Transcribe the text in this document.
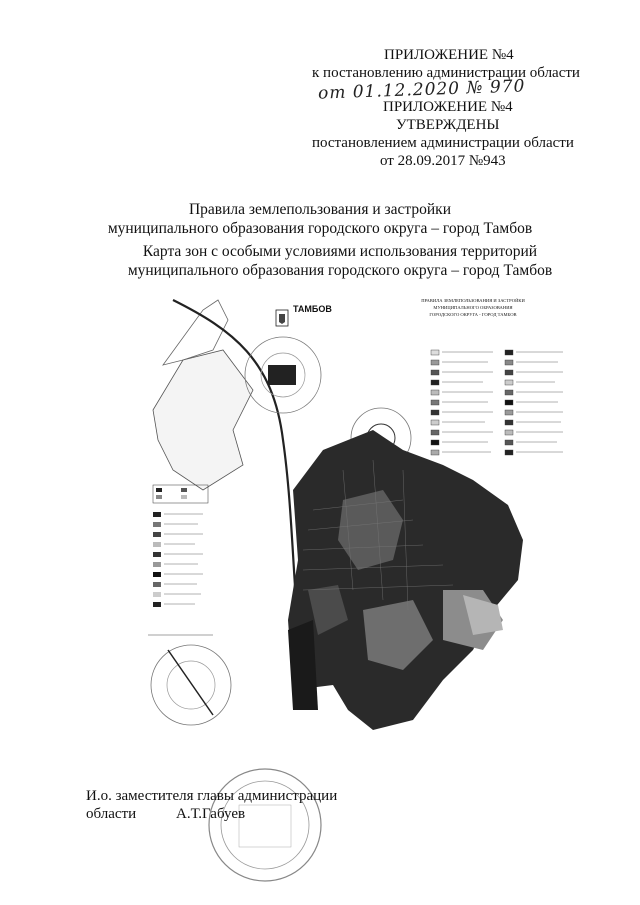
ПРИЛОЖЕНИЕ №4
к постановлению администрации области
от 01.12.2020 № 970
ПРИЛОЖЕНИЕ №4
УТВЕРЖДЕНЫ
постановлением администрации области
от 28.09.2017 №943
Правила землепользования и застройки
муниципального образования городского округа – город Тамбов
Карта зон с особыми условиями использования территорий
муниципального образования городского округа – город Тамбов
ТАМБОВ
ПРАВИЛА ЗЕМЛЕПОЛЬЗОВАНИЯ И ЗАСТРОЙКИ
МУНИЦИПАЛЬНОГО ОБРАЗОВАНИЯ
ГОРОДСКОГО ОКРУГА - ГОРОД ТАМБОВ
И.о. заместителя главы администрации
области	А.Т.Габуев
